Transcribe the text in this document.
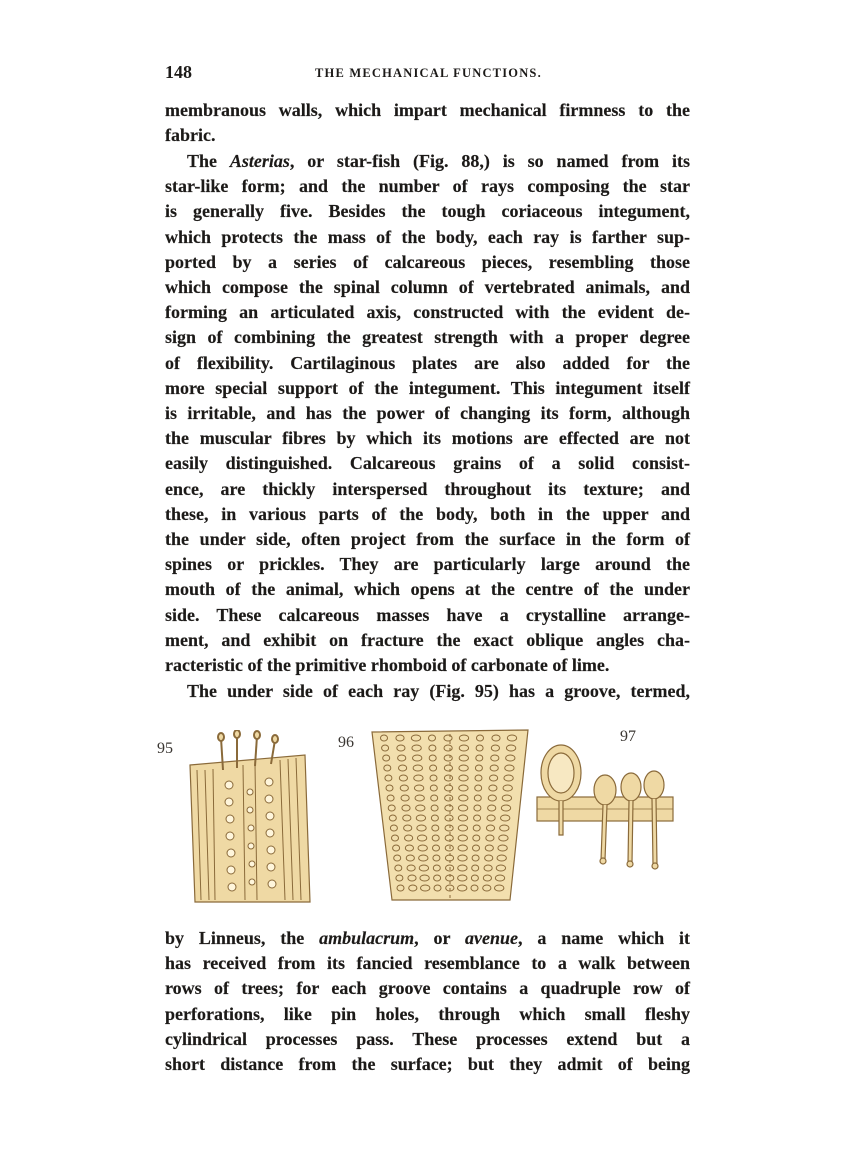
148	THE MECHANICAL FUNCTIONS.
membranous walls, which impart mechanical firmness to the
fabric.
The Asterias, or star-fish (Fig. 88,) is so named from its
star-like form; and the number of rays composing the star
is generally five. Besides the tough coriaceous integument,
which protects the mass of the body, each ray is farther sup-
ported by a series of calcareous pieces, resembling those
which compose the spinal column of vertebrated animals, and
forming an articulated axis, constructed with the evident de-
sign of combining the greatest strength with a proper degree
of flexibility. Cartilaginous plates are also added for the
more special support of the integument. This integument itself
is irritable, and has the power of changing its form, although
the muscular fibres by which its motions are effected are not
easily distinguished. Calcareous grains of a solid consist-
ence, are thickly interspersed throughout its texture; and
these, in various parts of the body, both in the upper and
the under side, often project from the surface in the form of
spines or prickles. They are particularly large around the
mouth of the animal, which opens at the centre of the under
side. These calcareous masses have a crystalline arrange-
ment, and exhibit on fracture the exact oblique angles cha-
racteristic of the primitive rhomboid of carbonate of lime.
The under side of each ray (Fig. 95) has a groove, termed,
95	96	97
by Linneus, the ambulacrum, or avenue, a name which it
has received from its fancied resemblance to a walk between
rows of trees; for each groove contains a quadruple row of
perforations, like pin holes, through which small fleshy
cylindrical processes pass. These processes extend but a
short distance from the surface; but they admit of being
